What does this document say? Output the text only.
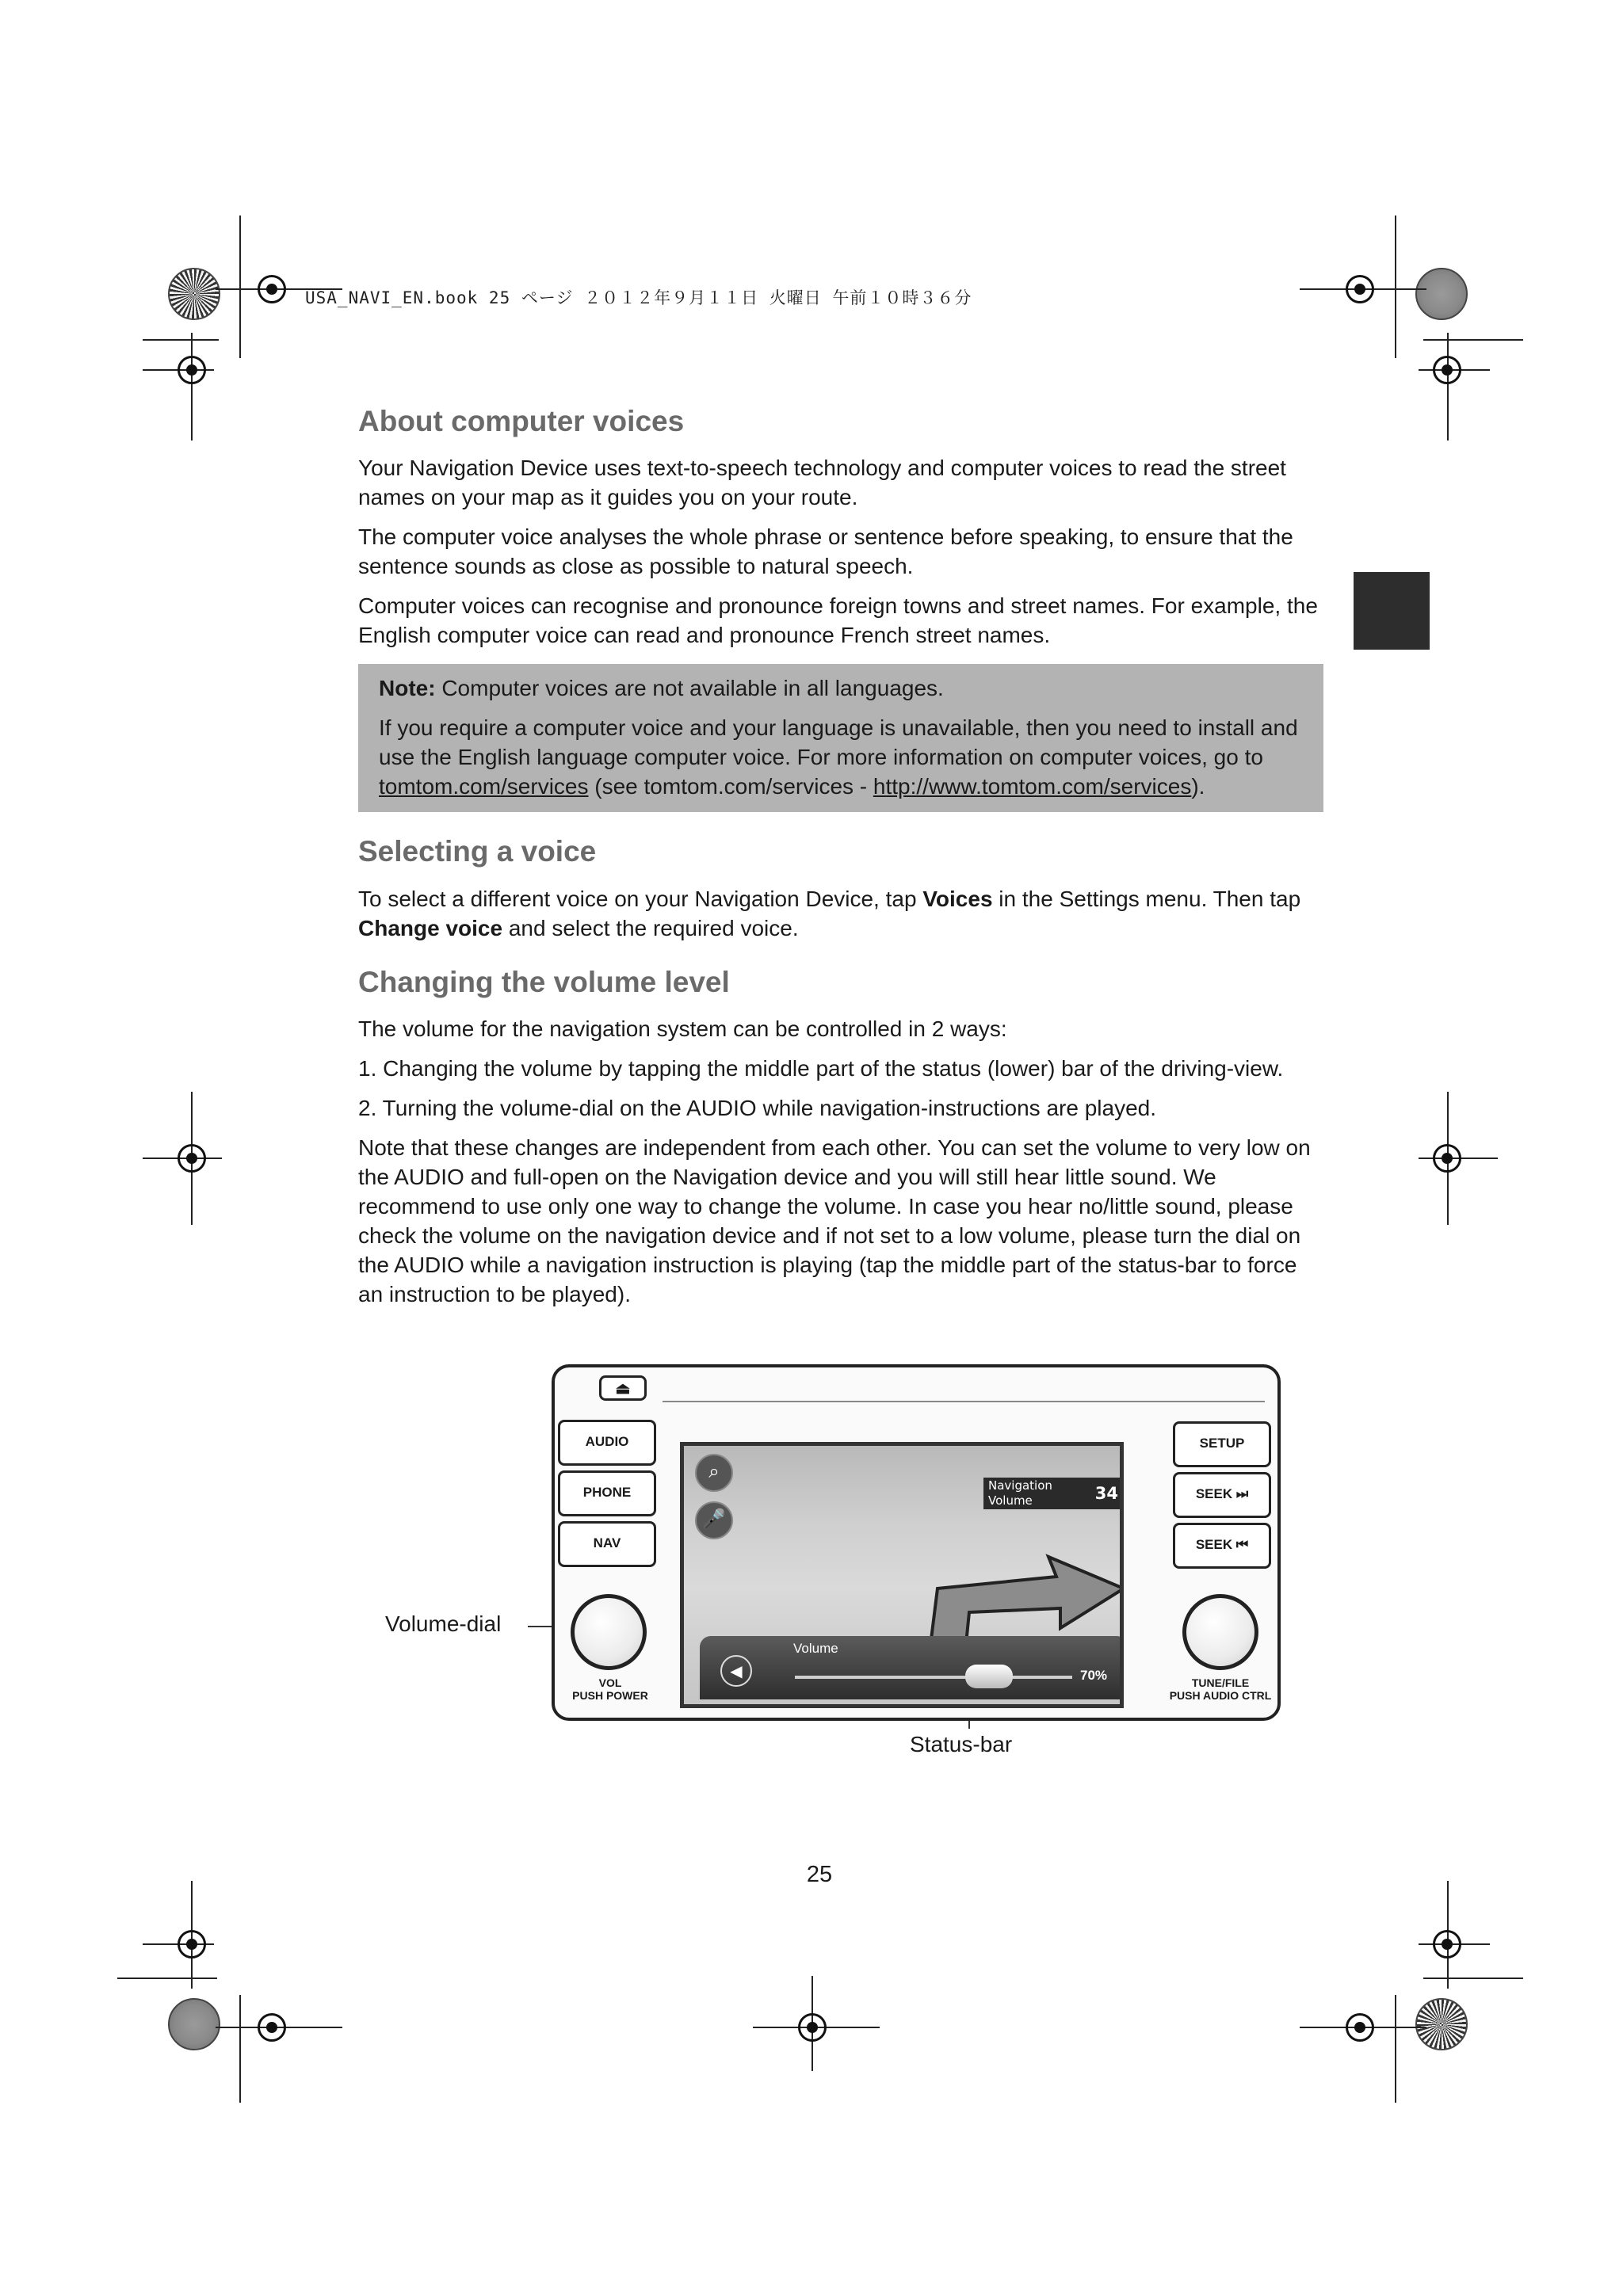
USA_NAVI_EN.book 25 ページ ２０１２年９月１１日 火曜日 午前１０時３６分
About computer voices

Your Navigation Device uses text-to-speech technology and computer voices to read the street names on your map as it guides you on your route.

The computer voice analyses the whole phrase or sentence before speaking, to ensure that the sentence sounds as close as possible to natural speech.

Computer voices can recognise and pronounce foreign towns and street names. For example, the English computer voice can read and pronounce French street names.

Note: Computer voices are not available in all languages.

If you require a computer voice and your language is unavailable, then you need to install and use the English language computer voice. For more information on computer voices, go to tomtom.com/services (see tomtom.com/services - http://www.tomtom.com/services).

Selecting a voice

To select a different voice on your Navigation Device, tap Voices in the Settings menu. Then tap Change voice and select the required voice.

Changing the volume level

The volume for the navigation system can be controlled in 2 ways:

1. Changing the volume by tapping the middle part of the status (lower) bar of the driving-view.
2. Turning the volume-dial on the AUDIO while navigation-instructions are played.

Note that these changes are independent from each other. You can set the volume to very low on the AUDIO and full-open on the Navigation device and you will still hear little sound. We recommend to use only one way to change the volume. In case you hear no/little sound, please check the volume on the navigation device and if not set to a low volume, please turn the dial on the AUDIO while a navigation instruction is playing (tap the middle part of the status-bar to force an instruction to be played).

Volume-dial
Status-bar
⏏
AUDIO
PHONE
NAV
SETUP
SEEK ⏭
SEEK ⏮
VOL
PUSH POWER
TUNE/FILE
PUSH AUDIO CTRL
⌕
🎤
Navigation Volume	34
◀
Volume
70%
25
